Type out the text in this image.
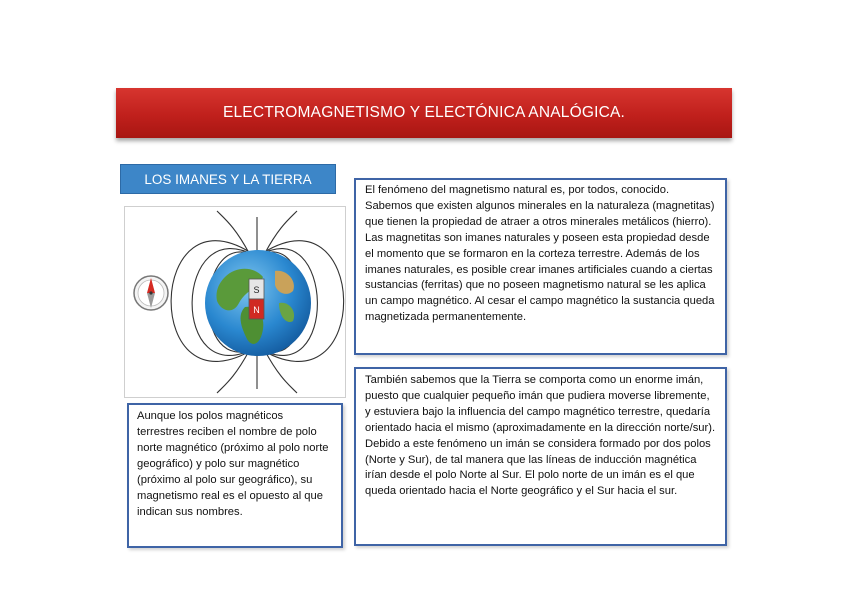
ELECTROMAGNETISMO Y ELECTÓNICA ANALÓGICA.
LOS IMANES Y LA TIERRA
S
N

El fenómeno del magnetismo natural es, por todos, conocido. Sabemos que existen algunos minerales en la naturaleza (magnetitas) que tienen la propiedad de atraer a otros minerales metálicos (hierro). Las magnetitas son imanes naturales y poseen esta propiedad desde el momento que se formaron en la corteza terrestre. Además de los imanes naturales, es posible crear imanes artificiales cuando a ciertas sustancias (ferritas) que no poseen magnetismo natural se les aplica un campo magnético. Al cesar el campo magnético la sustancia queda magnetizada permanentemente.

También sabemos que la Tierra se comporta como un enorme imán, puesto que cualquier pequeño imán que pudiera moverse libremente, y estuviera bajo la influencia del campo magnético terrestre, quedaría orientado hacia el mismo (aproximadamente en la dirección norte/sur). Debido a este fenómeno un imán se considera formado por dos polos (Norte y Sur), de tal manera que las líneas de inducción magnética irían desde el polo Norte al Sur. El polo norte de un imán es el que queda orientado hacia el Norte geográfico y el Sur hacia el sur.

Aunque los polos magnéticos terrestres reciben el nombre de polo norte magnético (próximo al polo norte geográfico) y polo sur magnético (próximo al polo sur geográfico), su magnetismo real es el opuesto al que indican sus nombres.
